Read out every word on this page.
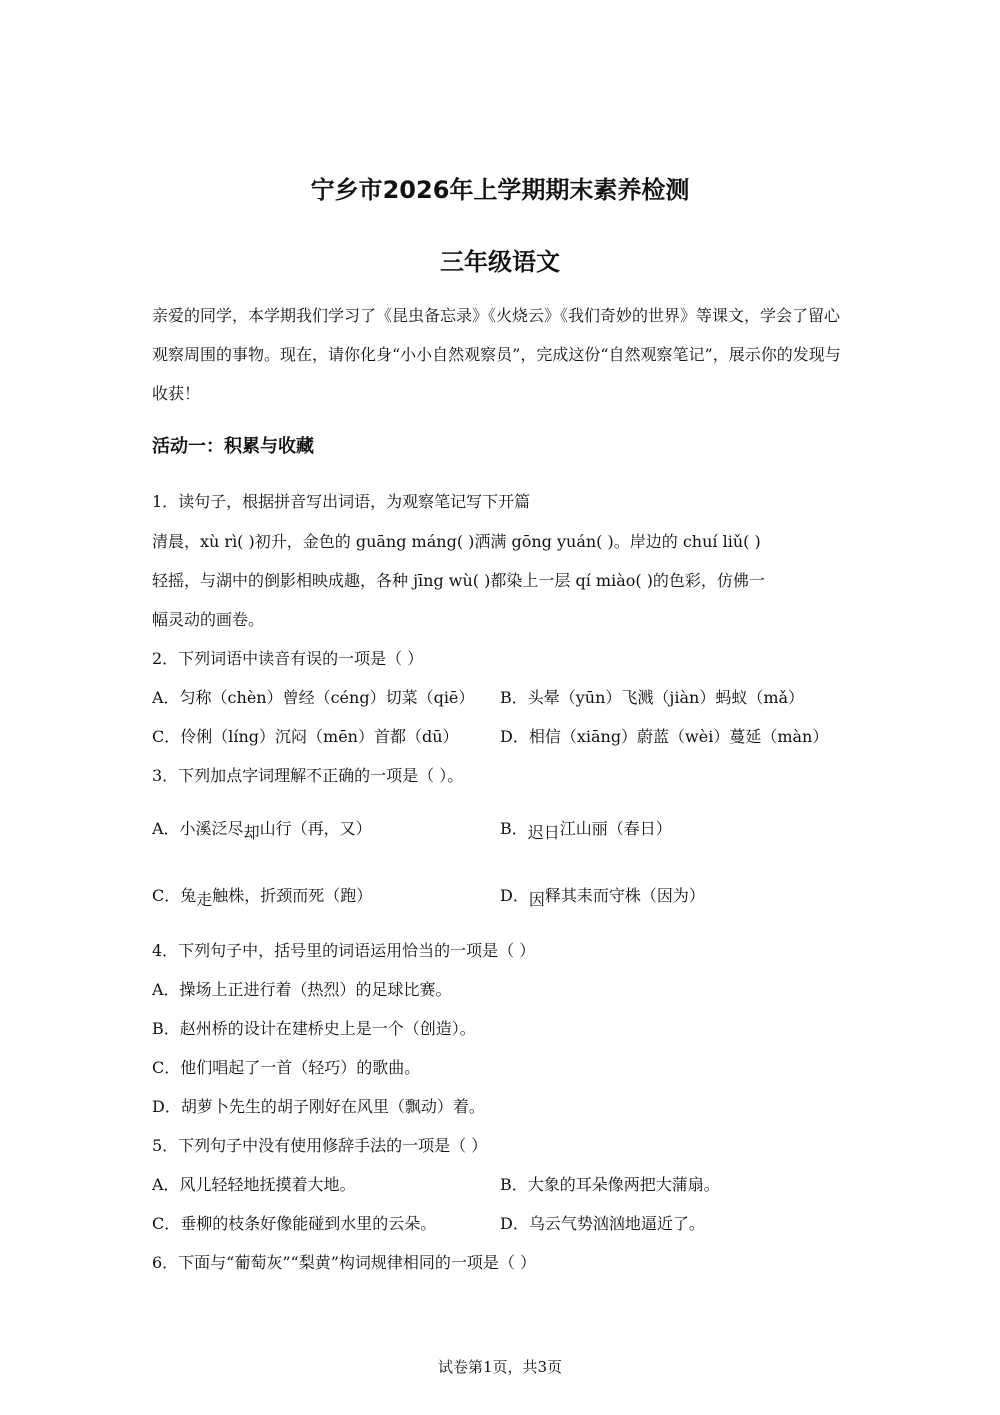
宁乡市2026年上学期期末素养检测
三年级语文
亲爱的同学，本学期我们学习了《昆虫备忘录》《火烧云》《我们奇妙的世界》等课文，学会了留心观察周围的事物。现在，请你化身“小小自然观察员”，完成这份“自然观察笔记”，展示你的发现与收获！
活动一：积累与收藏
1．读句子，根据拼音写出词语，为观察笔记写下开篇
清晨，xù rì( )初升，金色的 guāng máng( )洒满 gōng yuán( )。岸边的 chuí liǔ( )
轻摇，与湖中的倒影相映成趣，各种 jīng wù( )都染上一层 qí miào( )的色彩，仿佛一
幅灵动的画卷。
2．下列词语中读音有误的一项是（ ）
A．匀称（chèn）曾经（céng）切菜（qiē） B．头晕（yūn）飞溅（jiàn）蚂蚁（mǎ）
C．伶俐（líng）沉闷（mēn）首都（dū）	D．相信（xiāng）蔚蓝（wèi）蔓延（màn）
3．下列加点字词理解不正确的一项是（ ）。
A．小溪泛尽却山行（再，又）	B．迟日江山丽（春日）
C．兔走触株，折颈而死（跑）	D．因释其耒而守株（因为）
4．下列句子中，括号里的词语运用恰当的一项是（ ）
A．操场上正进行着（热烈）的足球比赛。
B．赵州桥的设计在建桥史上是一个（创造）。
C．他们唱起了一首（轻巧）的歌曲。
D．胡萝卜先生的胡子刚好在风里（飘动）着。
5．下列句子中没有使用修辞手法的一项是（ ）
A．风儿轻轻地抚摸着大地。	B．大象的耳朵像两把大蒲扇。
C．垂柳的枝条好像能碰到水里的云朵。	D．乌云气势汹汹地逼近了。
6．下面与“葡萄灰”“梨黄”构词规律相同的一项是（ ）
试卷第1页，共3页
